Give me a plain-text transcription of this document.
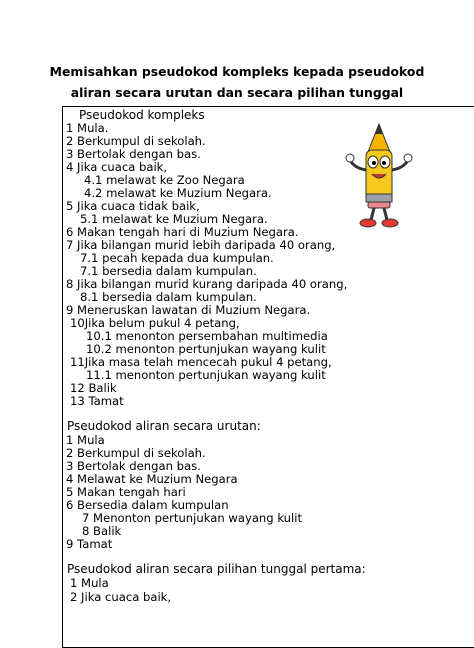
Memisahkan pseudokod kompleks kepada pseudokod
aliran secara urutan dan secara pilihan tunggal
Pseudokod kompleks
1 Mula.
2 Berkumpul di sekolah.
3 Bertolak dengan bas.
4 Jika cuaca baik,
4.1 melawat ke Zoo Negara
4.2 melawat ke Muzium Negara.
5 Jika cuaca tidak baik,
5.1 melawat ke Muzium Negara.
6 Makan tengah hari di Muzium Negara.
7 Jika bilangan murid lebih daripada 40 orang,
7.1 pecah kepada dua kumpulan.
7.1 bersedia dalam kumpulan.
8 Jika bilangan murid kurang daripada 40 orang,
8.1 bersedia dalam kumpulan.
9 Meneruskan lawatan di Muzium Negara.
10Jika belum pukul 4 petang,
10.1 menonton persembahan multimedia
10.2 menonton pertunjukan wayang kulit
11Jika masa telah mencecah pukul 4 petang,
11.1 menonton pertunjukan wayang kulit
12 Balik
13 Tamat
Pseudokod aliran secara urutan:
1 Mula
2 Berkumpul di sekolah.
3 Bertolak dengan bas.
4 Melawat ke Muzium Negara
5 Makan tengah hari
6 Bersedia dalam kumpulan
7 Menonton pertunjukan wayang kulit
8 Balik
9 Tamat
Pseudokod aliran secara pilihan tunggal pertama:
1 Mula
2 Jika cuaca baik,
